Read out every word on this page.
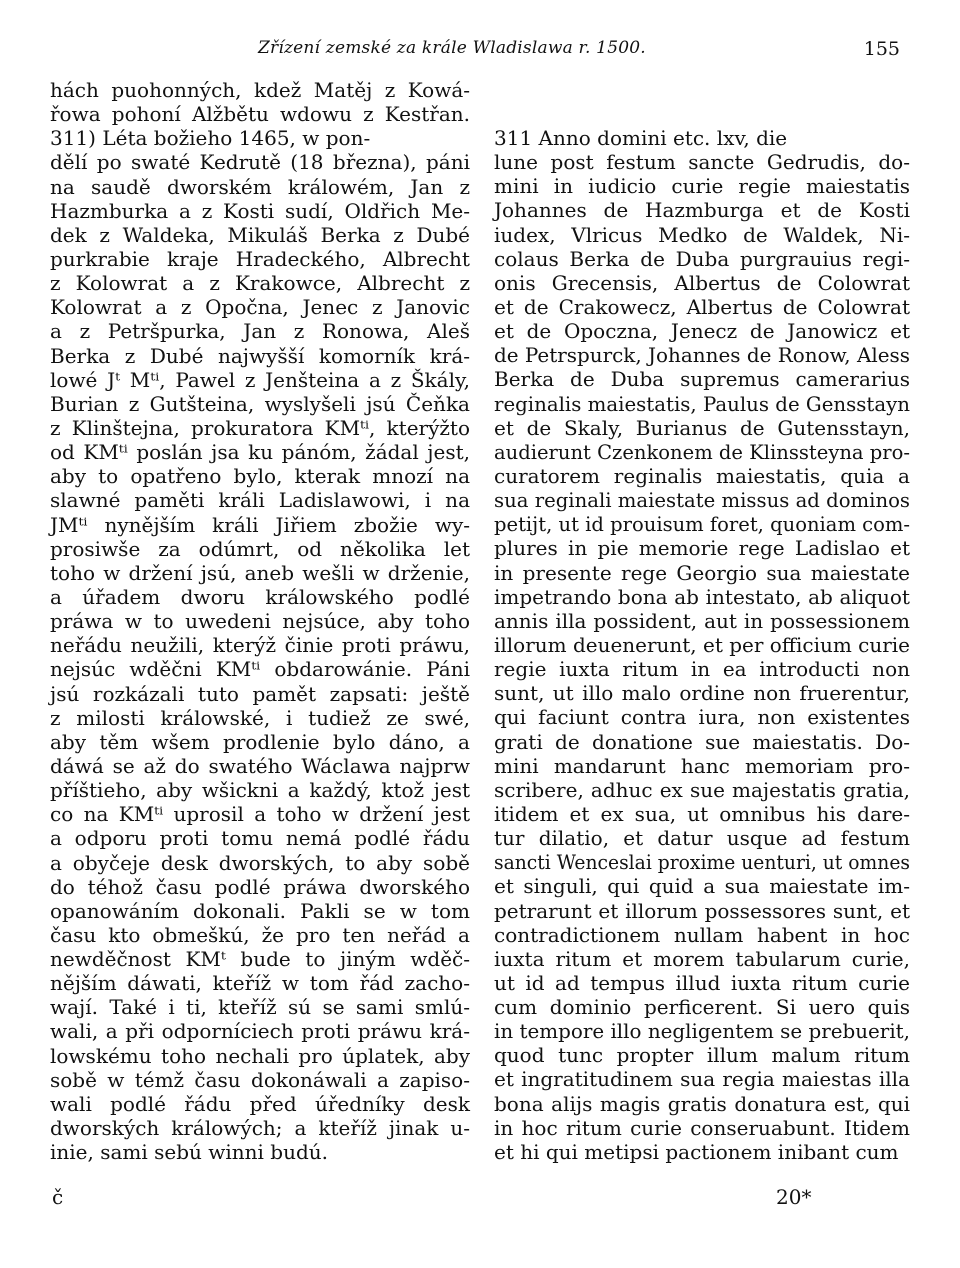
Zřízení zemské za krále Wladislawa r. 1500.	155
hách puohonných, kdež Matěj z Kowá-
řowa pohoní Alžbětu wdowu z Kestřan.
311) Léta božieho 1465, w pon-
dělí po swaté Kedrutě (18 března), páni
na saudě dworském králowém, Jan z
Hazmburka a z Kosti sudí, Oldřich Me-
dek z Waldeka, Mikuláš Berka z Dubé
purkrabie kraje Hradeckého, Albrecht
z Kolowrat a z Krakowce, Albrecht z
Kolowrat a z Opočna, Jenec z Janovic
a z Petršpurka, Jan z Ronowa, Aleš
Berka z Dubé najwyšší komorník krá-
lowé Jᵗ Mᵗⁱ, Pawel z Jenšteina a z Škály,
Burian z Gutšteina, wyslyšeli jsú Čeňka
z Klinštejna, prokuratora KMᵗⁱ, kterýžto
od KMᵗⁱ poslán jsa ku pánóm, žádal jest,
aby to opatřeno bylo, kterak mnozí na
slawné paměti králi Ladislawowi, i na
JMᵗⁱ nynějším králi Jiřiem zbožie wy-
prosiwše za odúmrt, od několika let
toho w držení jsú, aneb wešli w drženie,
a úřadem dworu králowského podlé
práwa w to uwedeni nejsúce, aby toho
neřádu neužili, kterýž činie proti práwu,
nejsúc wděčni KMᵗⁱ obdarowánie. Páni
jsú rozkázali tuto pamět zapsati: ještě
z milosti králowské, i tudiež ze swé,
aby těm wšem prodlenie bylo dáno, a
dáwá se až do swatého Wáclawa najprw
příštieho, aby wšickni a každý, ktož jest
co na KMᵗⁱ uprosil a toho w držení jest
a odporu proti tomu nemá podlé řádu
a obyčeje desk dworských, to aby sobě
do téhož času podlé práwa dworského
opanowáním dokonali. Pakli se w tom
času kto obmeškú, že pro ten neřád a
newděčnost KMᵗ bude to jiným wděč-
nějším dáwati, kteříž w tom řád zacho-
wají. Také i ti, kteříž sú se sami smlú-
wali, a při odporníciech proti práwu krá-
lowskému toho nechali pro úplatek, aby
sobě w témž času dokonáwali a zapiso-
wali podlé řádu před úředníky desk
dworských králowých; a kteříž jinak u-
inie, sami sebú winni budú.
311 Anno domini etc. lxv, die
lune post festum sancte Gedrudis, do-
mini in iudicio curie regie maiestatis
Johannes de Hazmburga et de Kosti
iudex, Vlricus Medko de Waldek, Ni-
colaus Berka de Duba purgrauius regi-
onis Grecensis, Albertus de Colowrat
et de Crakowecz, Albertus de Colowrat
et de Opoczna, Jenecz de Janowicz et
de Petrspurck, Johannes de Ronow, Aless
Berka de Duba supremus camerarius
reginalis maiestatis, Paulus de Gensstayn
et de Skaly, Burianus de Gutensstayn,
audierunt Czenkonem de Klinssteyna pro-
curatorem reginalis maiestatis, quia a
sua reginali maiestate missus ad dominos
petijt, ut id prouisum foret, quoniam com-
plures in pie memorie rege Ladislao et
in presente rege Georgio sua maiestate
impetrando bona ab intestato, ab aliquot
annis illa possident, aut in possessionem
illorum deuenerunt, et per officium curie
regie iuxta ritum in ea introducti non
sunt, ut illo malo ordine non fruerentur,
qui faciunt contra iura, non existentes
grati de donatione sue maiestatis. Do-
mini mandarunt hanc memoriam pro-
scribere, adhuc ex sue majestatis gratia,
itidem et ex sua, ut omnibus his dare-
tur dilatio, et datur usque ad festum
sancti Wenceslai proxime uenturi, ut omnes
et singuli, qui quid a sua maiestate im-
petrarunt et illorum possessores sunt, et
contradictionem nullam habent in hoc
iuxta ritum et morem tabularum curie,
ut id ad tempus illud iuxta ritum curie
cum dominio perficerent. Si uero quis
in tempore illo negligentem se prebuerit,
quod tunc propter illum malum ritum
et ingratitudinem sua regia maiestas illa
bona alijs magis gratis donatura est, qui
in hoc ritum curie conseruabunt. Itidem
et hi qui metipsi pactionem inibant cum
č	20*
